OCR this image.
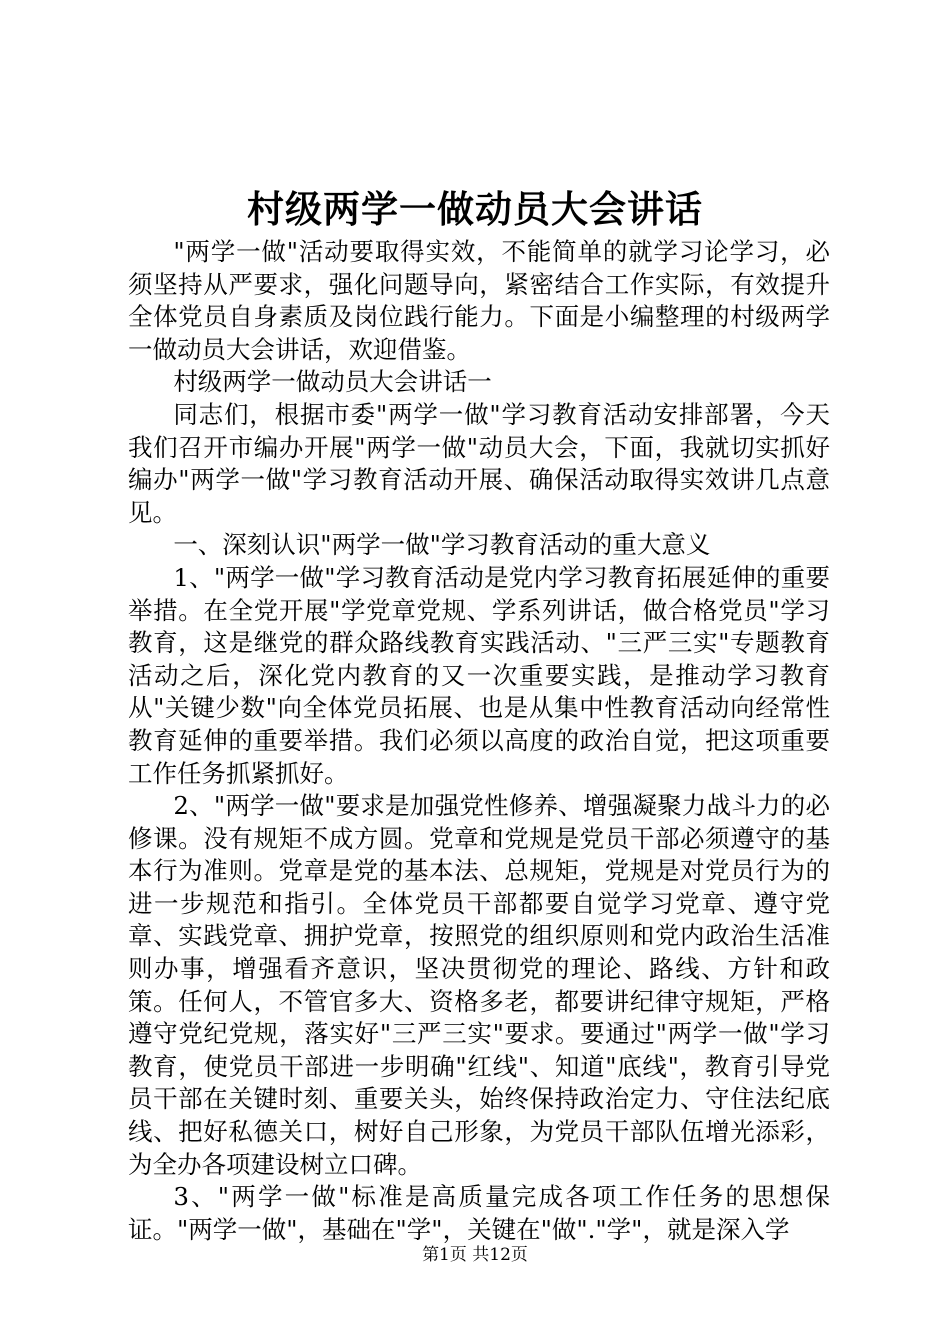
村级两学一做动员大会讲话

"两学一做"活动要取得实效，不能简单的就学习论学习，必须坚持从严要求，强化问题导向，紧密结合工作实际，有效提升全体党员自身素质及岗位践行能力。下面是小编整理的村级两学一做动员大会讲话，欢迎借鉴。

村级两学一做动员大会讲话一

同志们，根据市委"两学一做"学习教育活动安排部署，今天我们召开市编办开展"两学一做"动员大会，下面，我就切实抓好编办"两学一做"学习教育活动开展、确保活动取得实效讲几点意见。

一、深刻认识"两学一做"学习教育活动的重大意义

1、"两学一做"学习教育活动是党内学习教育拓展延伸的重要举措。在全党开展"学党章党规、学系列讲话，做合格党员"学习教育，这是继党的群众路线教育实践活动、"三严三实"专题教育活动之后，深化党内教育的又一次重要实践，是推动学习教育从"关键少数"向全体党员拓展、也是从集中性教育活动向经常性教育延伸的重要举措。我们必须以高度的政治自觉，把这项重要工作任务抓紧抓好。

2、"两学一做"要求是加强党性修养、增强凝聚力战斗力的必修课。没有规矩不成方圆。党章和党规是党员干部必须遵守的基本行为准则。党章是党的基本法、总规矩，党规是对党员行为的进一步规范和指引。全体党员干部都要自觉学习党章、遵守党章、实践党章、拥护党章，按照党的组织原则和党内政治生活准则办事，增强看齐意识，坚决贯彻党的理论、路线、方针和政策。任何人，不管官多大、资格多老，都要讲纪律守规矩，严格遵守党纪党规，落实好"三严三实"要求。要通过"两学一做"学习教育，使党员干部进一步明确"红线"、知道"底线"，教育引导党员干部在关键时刻、重要关头，始终保持政治定力、守住法纪底线、把好私德关口，树好自己形象，为党员干部队伍增光添彩，为全办各项建设树立口碑。

3、"两学一做"标准是高质量完成各项工作任务的思想保证。"两学一做"，基础在"学"，关键在"做"."学"，就是深入学

第1页 共12页
